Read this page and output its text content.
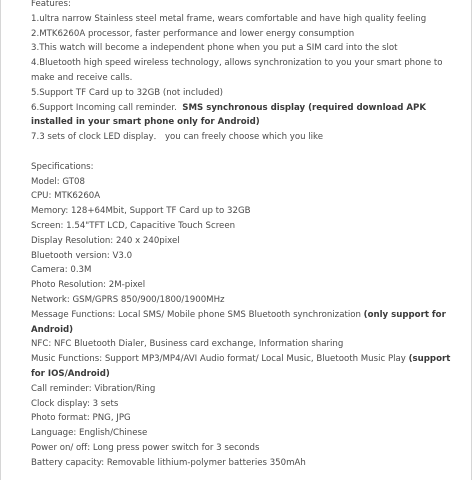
Features:
1.ultra narrow Stainless steel metal frame, wears comfortable and have high quality feeling
2.MTK6260A processor, faster performance and lower energy consumption
3.This watch will become a independent phone when you put a SIM card into the slot
4.Bluetooth high speed wireless technology, allows synchronization to you your smart phone to make and receive calls.
5.Support TF Card up to 32GB (not included)
6.Support Incoming call reminder.  SMS synchronous display (required download APK installed in your smart phone only for Android)
7.3 sets of clock LED display． you can freely choose which you like
Specifications:
Model: GT08
CPU: MTK6260A
Memory: 128+64Mbit, Support TF Card up to 32GB
Screen: 1.54"TFT LCD, Capacitive Touch Screen
Display Resolution: 240 x 240pixel
Bluetooth version: V3.0
Camera: 0.3M
Photo Resolution: 2M-pixel
Network: GSM/GPRS 850/900/1800/1900MHz
Message Functions: Local SMS/ Mobile phone SMS Bluetooth synchronization (only support for Android)
NFC: NFC Bluetooth Dialer, Business card exchange, Information sharing
Music Functions: Support MP3/MP4/AVI Audio format/ Local Music, Bluetooth Music Play (support for IOS/Android)
Call reminder: Vibration/Ring
Clock display: 3 sets
Photo format: PNG, JPG
Language: English/Chinese
Power on/ off: Long press power switch for 3 seconds
Battery capacity: Removable lithium-polymer batteries 350mAh
